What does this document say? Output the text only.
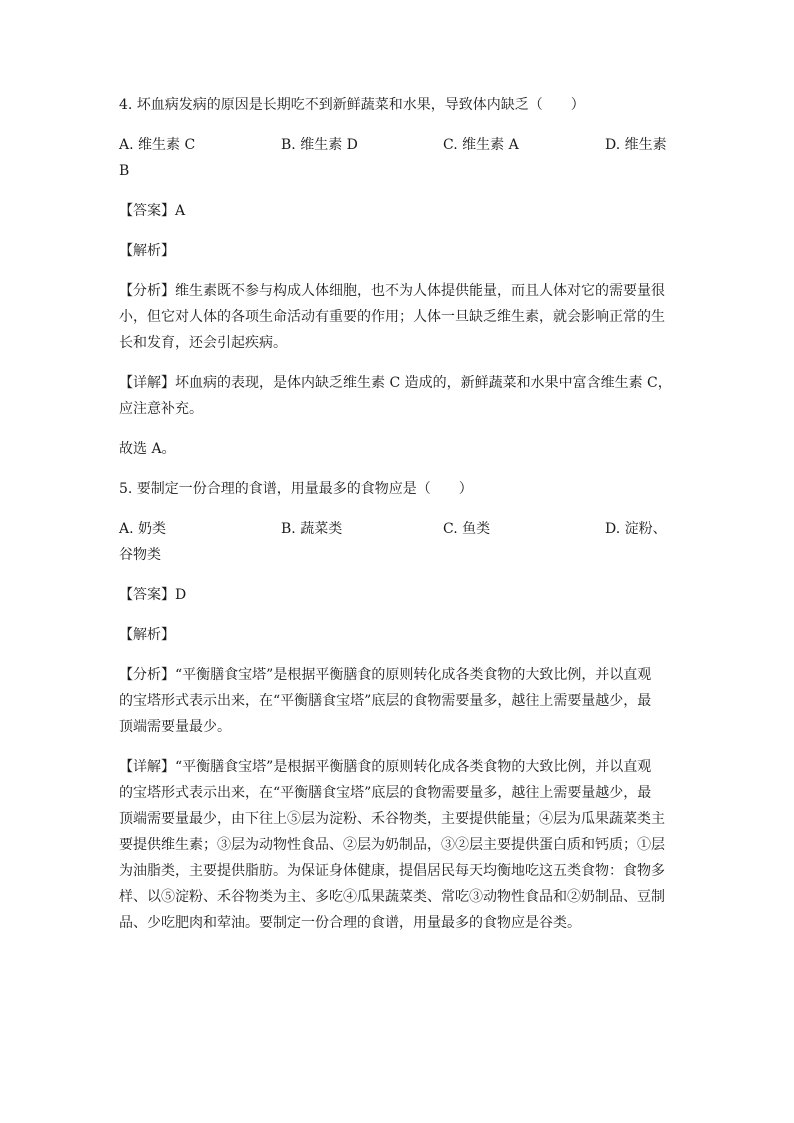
4. 坏血病发病的原因是长期吃不到新鲜蔬菜和水果，导致体内缺乏（　　）
A. 维生素 C	B. 维生素 D	C. 维生素 A	D. 维生素
B
【答案】A
【解析】
【分析】维生素既不参与构成人体细胞，也不为人体提供能量，而且人体对它的需要量很
小，但它对人体的各项生命活动有重要的作用；人体一旦缺乏维生素，就会影响正常的生
长和发育，还会引起疾病。
【详解】坏血病的表现，是体内缺乏维生素 C 造成的，新鲜蔬菜和水果中富含维生素 C，
应注意补充。
故选 A。
5. 要制定一份合理的食谱，用量最多的食物应是（　　）
A. 奶类	B. 蔬菜类	C. 鱼类	D. 淀粉、
谷物类
【答案】D
【解析】
【分析】“平衡膳食宝塔”是根据平衡膳食的原则转化成各类食物的大致比例，并以直观
的宝塔形式表示出来，在“平衡膳食宝塔”底层的食物需要量多，越往上需要量越少，最
顶端需要量最少。
【详解】“平衡膳食宝塔”是根据平衡膳食的原则转化成各类食物的大致比例，并以直观
的宝塔形式表示出来，在“平衡膳食宝塔”底层的食物需要量多，越往上需要量越少，最
顶端需要量最少，由下往上⑤层为淀粉、禾谷物类，主要提供能量；④层为瓜果蔬菜类主
要提供维生素；③层为动物性食品、②层为奶制品，③②层主要提供蛋白质和钙质；①层
为油脂类，主要提供脂肪。为保证身体健康，提倡居民每天均衡地吃这五类食物：食物多
样、以⑤淀粉、禾谷物类为主、多吃④瓜果蔬菜类、常吃③动物性食品和②奶制品、豆制
品、少吃肥肉和荤油。要制定一份合理的食谱，用量最多的食物应是谷类。
